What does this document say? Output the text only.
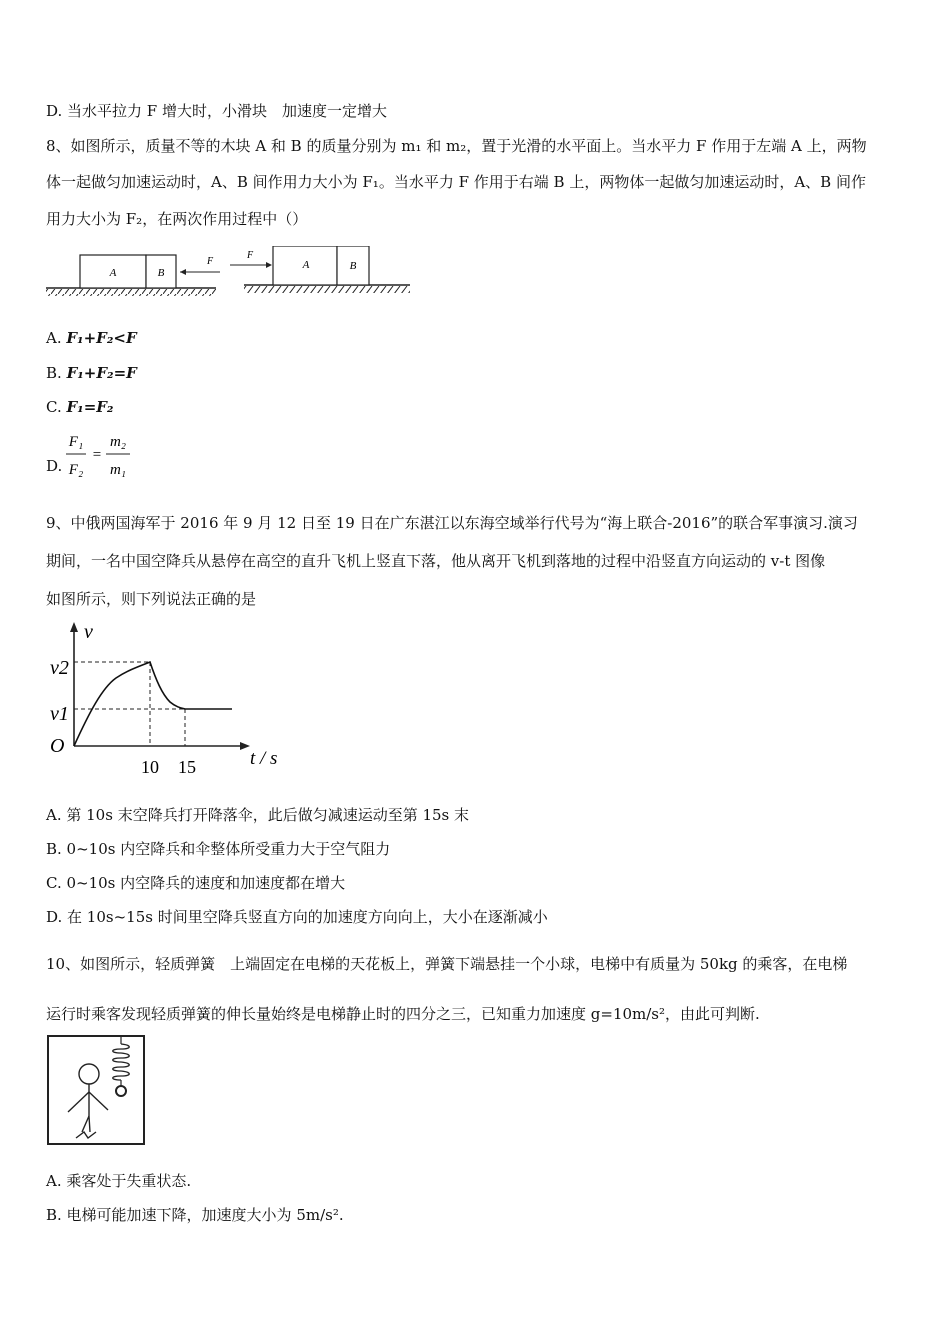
D. 当水平拉力 F 增大时，小滑块　加速度一定增大
8、如图所示，质量不等的木块 A 和 B 的质量分别为 m₁ 和 m₂，置于光滑的水平面上。当水平力 F 作用于左端 A 上，两物
体一起做匀加速运动时，A、B 间作用力大小为 F₁。当水平力 F 作用于右端 B 上，两物体一起做匀加速运动时，A、B 间作
用力大小为 F₂，在两次作用过程中（）
A	B
F	A	B
F
A. F₁+F₂<F
B. F₁+F₂=F
C. F₁=F₂
D.
F₁
F₂
=
m₂
m₁
9、中俄两国海军于 2016 年 9 月 12 日至 19 日在广东湛江以东海空域举行代号为“海上联合-2016”的联合军事演习.演习
期间，一名中国空降兵从悬停在高空的直升飞机上竖直下落，他从离开飞机到落地的过程中沿竖直方向运动的 v-t 图像
如图所示，则下列说法正确的是
v
v2
v1
O
10 15	t / s
A. 第 10s 末空降兵打开降落伞，此后做匀减速运动至第 15s 末
B. 0~10s 内空降兵和伞整体所受重力大于空气阻力
C. 0~10s 内空降兵的速度和加速度都在增大
D. 在 10s~15s 时间里空降兵竖直方向的加速度方向向上，大小在逐渐减小
10、如图所示，轻质弹簧　上端固定在电梯的天花板上，弹簧下端悬挂一个小球，电梯中有质量为 50kg 的乘客，在电梯
运行时乘客发现轻质弹簧的伸长量始终是电梯静止时的四分之三，已知重力加速度 g=10m/s²，由此可判断.
A. 乘客处于失重状态.
B. 电梯可能加速下降，加速度大小为 5m/s².
